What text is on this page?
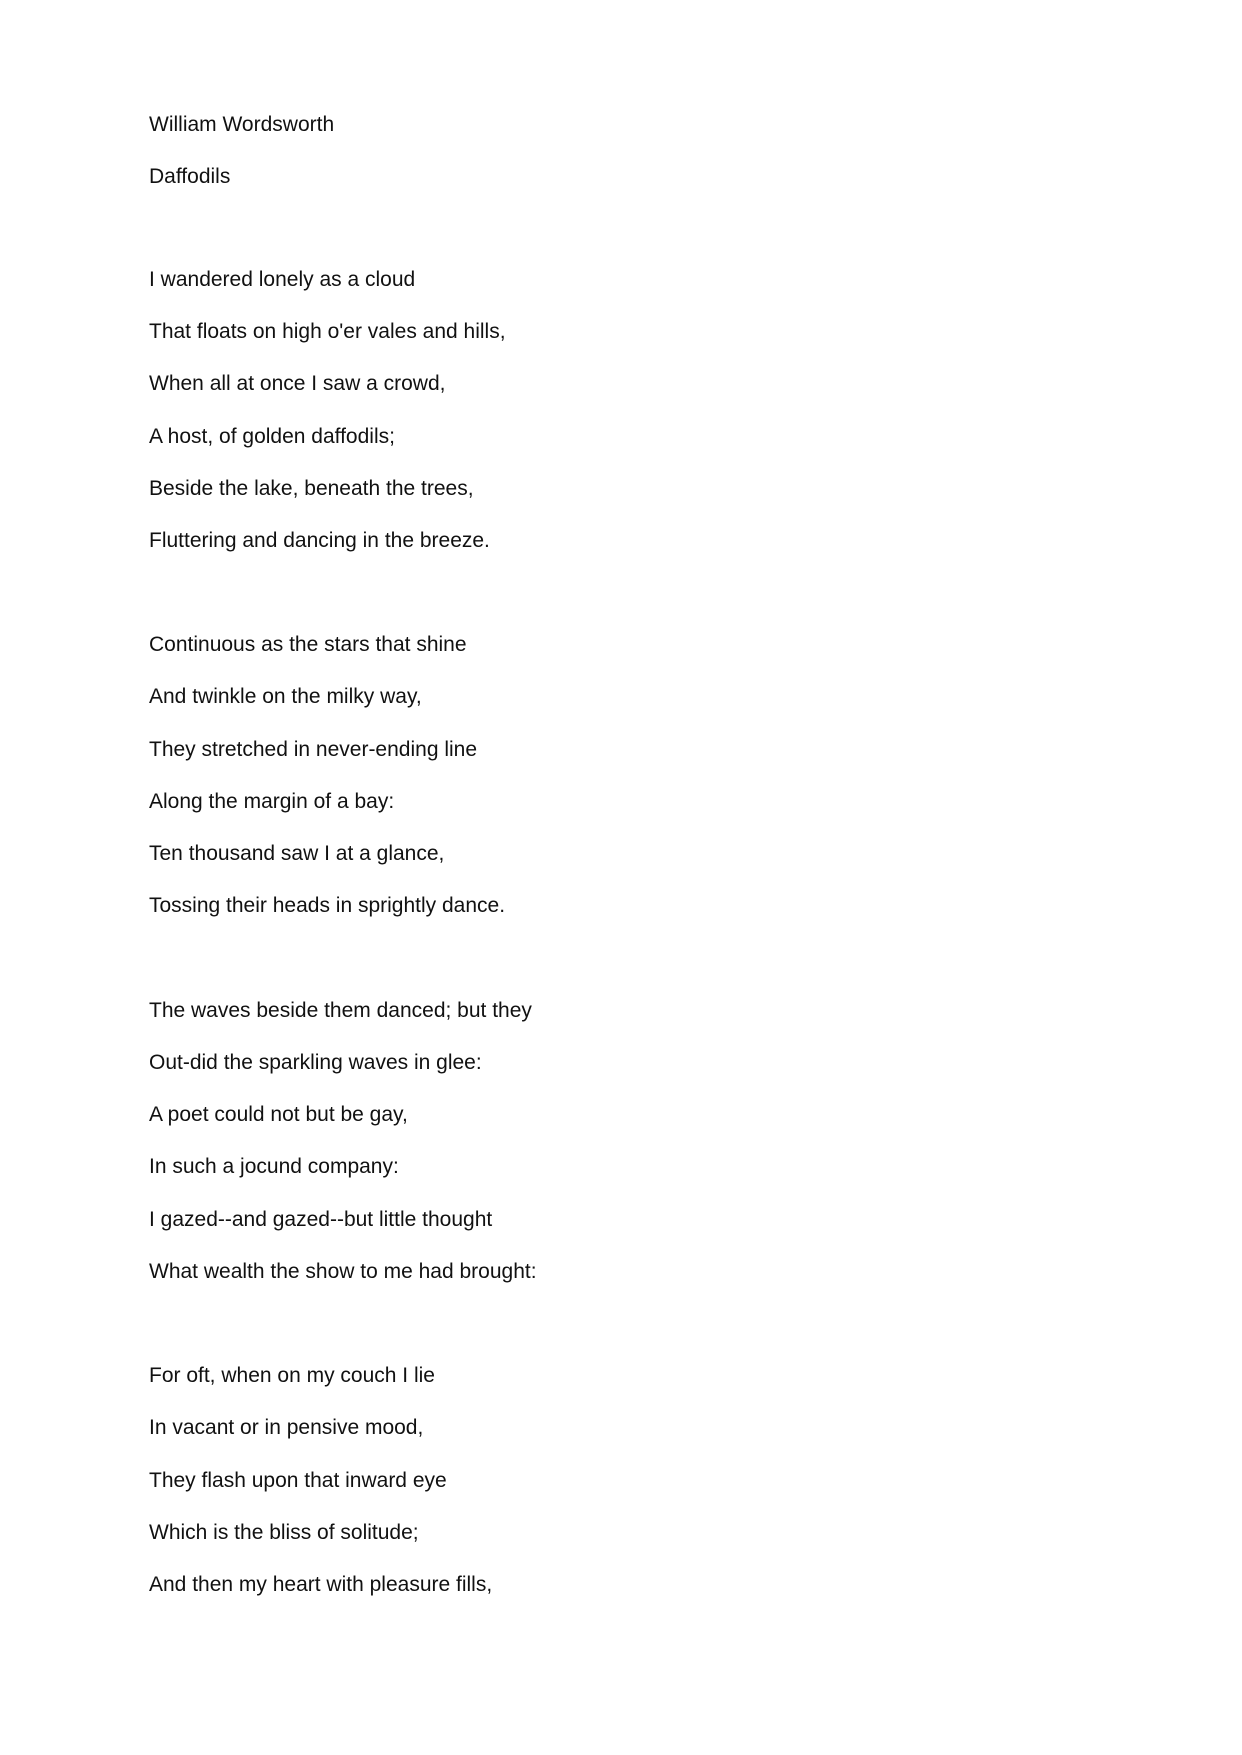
William Wordsworth
Daffodils
I wandered lonely as a cloud
That floats on high o'er vales and hills,
When all at once I saw a crowd,
A host, of golden daffodils;
Beside the lake, beneath the trees,
Fluttering and dancing in the breeze.
Continuous as the stars that shine
And twinkle on the milky way,
They stretched in never-ending line
Along the margin of a bay:
Ten thousand saw I at a glance,
Tossing their heads in sprightly dance.
The waves beside them danced; but they
Out-did the sparkling waves in glee:
A poet could not but be gay,
In such a jocund company:
I gazed--and gazed--but little thought
What wealth the show to me had brought:
For oft, when on my couch I lie
In vacant or in pensive mood,
They flash upon that inward eye
Which is the bliss of solitude;
And then my heart with pleasure fills,
